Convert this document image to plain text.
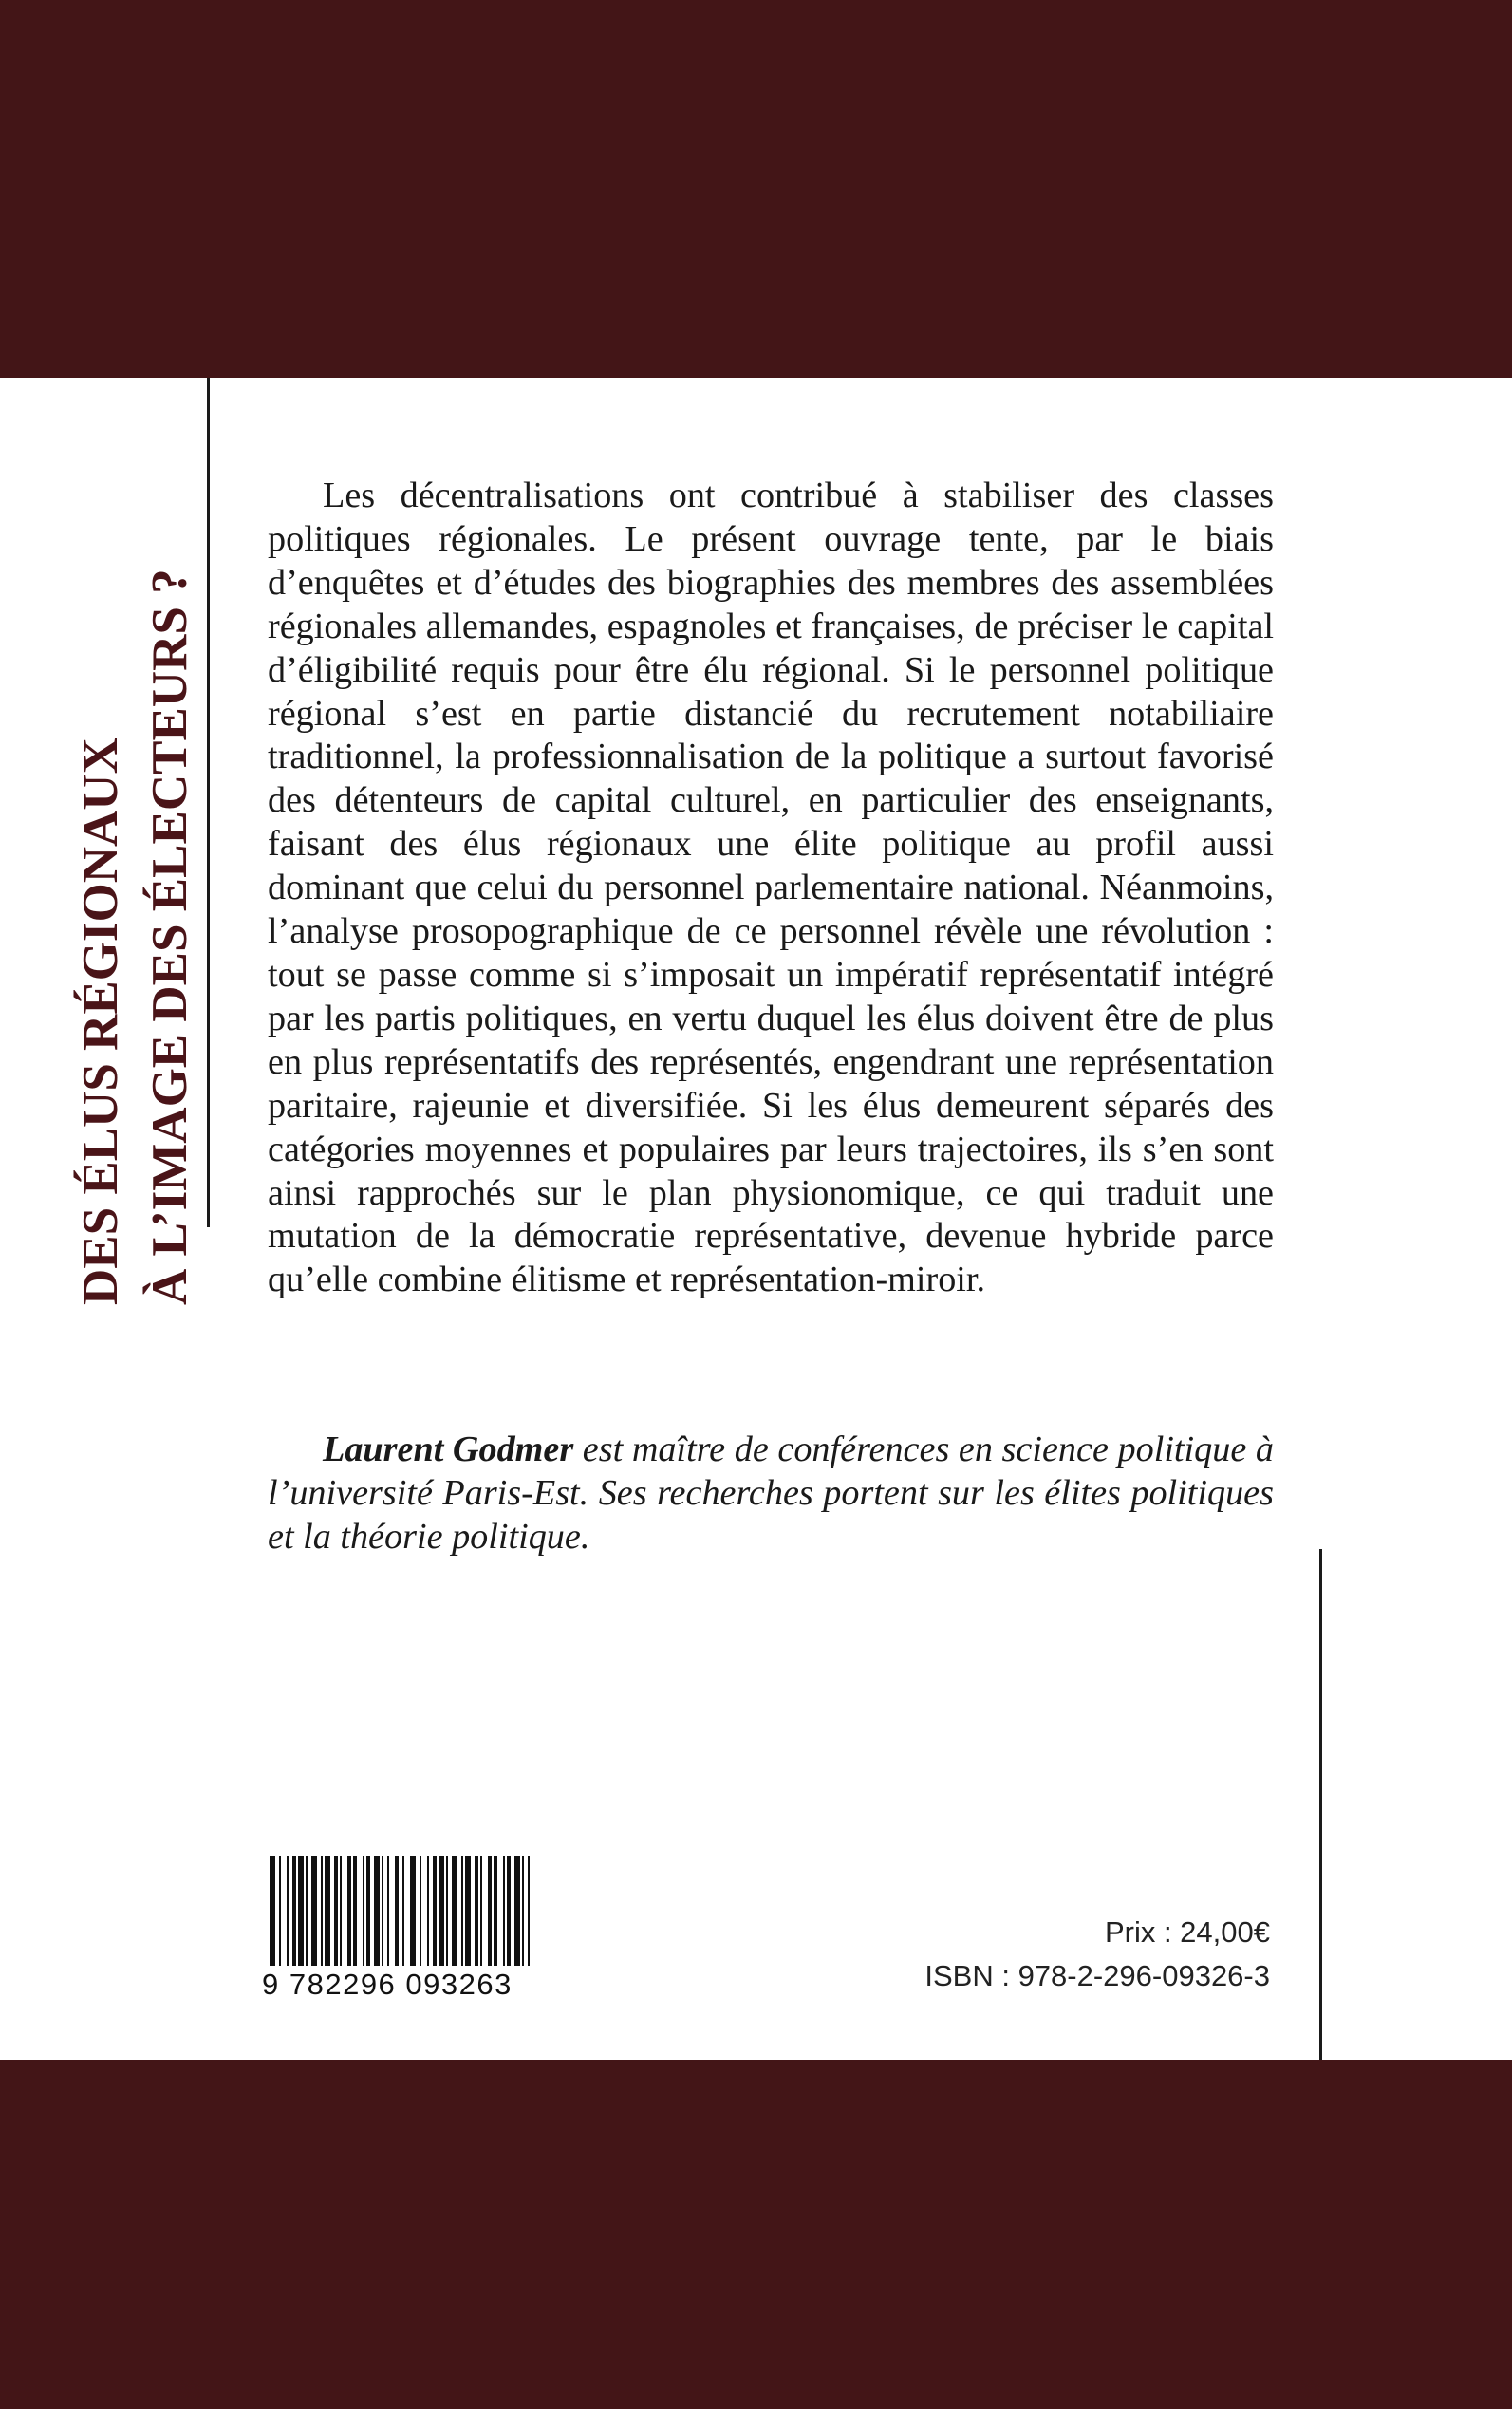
DES ÉLUS RÉGIONAUX À L’IMAGE DES ÉLECTEURS ?

Les décentralisations ont contribué à stabiliser des classes politiques régionales. Le présent ouvrage tente, par le biais d’enquêtes et d’études des biographies des membres des assemblées régionales allemandes, espagnoles et françaises, de préciser le capital d’éligibilité requis pour être élu régional. Si le personnel politique régional s’est en partie distancié du recrutement notabiliaire traditionnel, la professionnalisation de la politique a surtout favorisé des détenteurs de capital culturel, en particulier des enseignants, faisant des élus régionaux une élite politique au profil aussi dominant que celui du personnel parlementaire national. Néanmoins, l’analyse prosopographique de ce personnel révèle une révolution : tout se passe comme si s’imposait un impératif représentatif intégré par les partis politiques, en vertu duquel les élus doivent être de plus en plus représentatifs des représentés, engendrant une représentation paritaire, rajeunie et diversifiée. Si les élus demeurent séparés des catégories moyennes et populaires par leurs trajectoires, ils s’en sont ainsi rapprochés sur le plan physionomique, ce qui traduit une mutation de la démocratie représentative, devenue hybride parce qu’elle combine élitisme et représentation-miroir.

Laurent Godmer est maître de conférences en science politique à l’université Paris-Est. Ses recherches portent sur les élites politiques et la théorie politique.

9 782296 093263
Prix : 24,00€
ISBN : 978-2-296-09326-3
